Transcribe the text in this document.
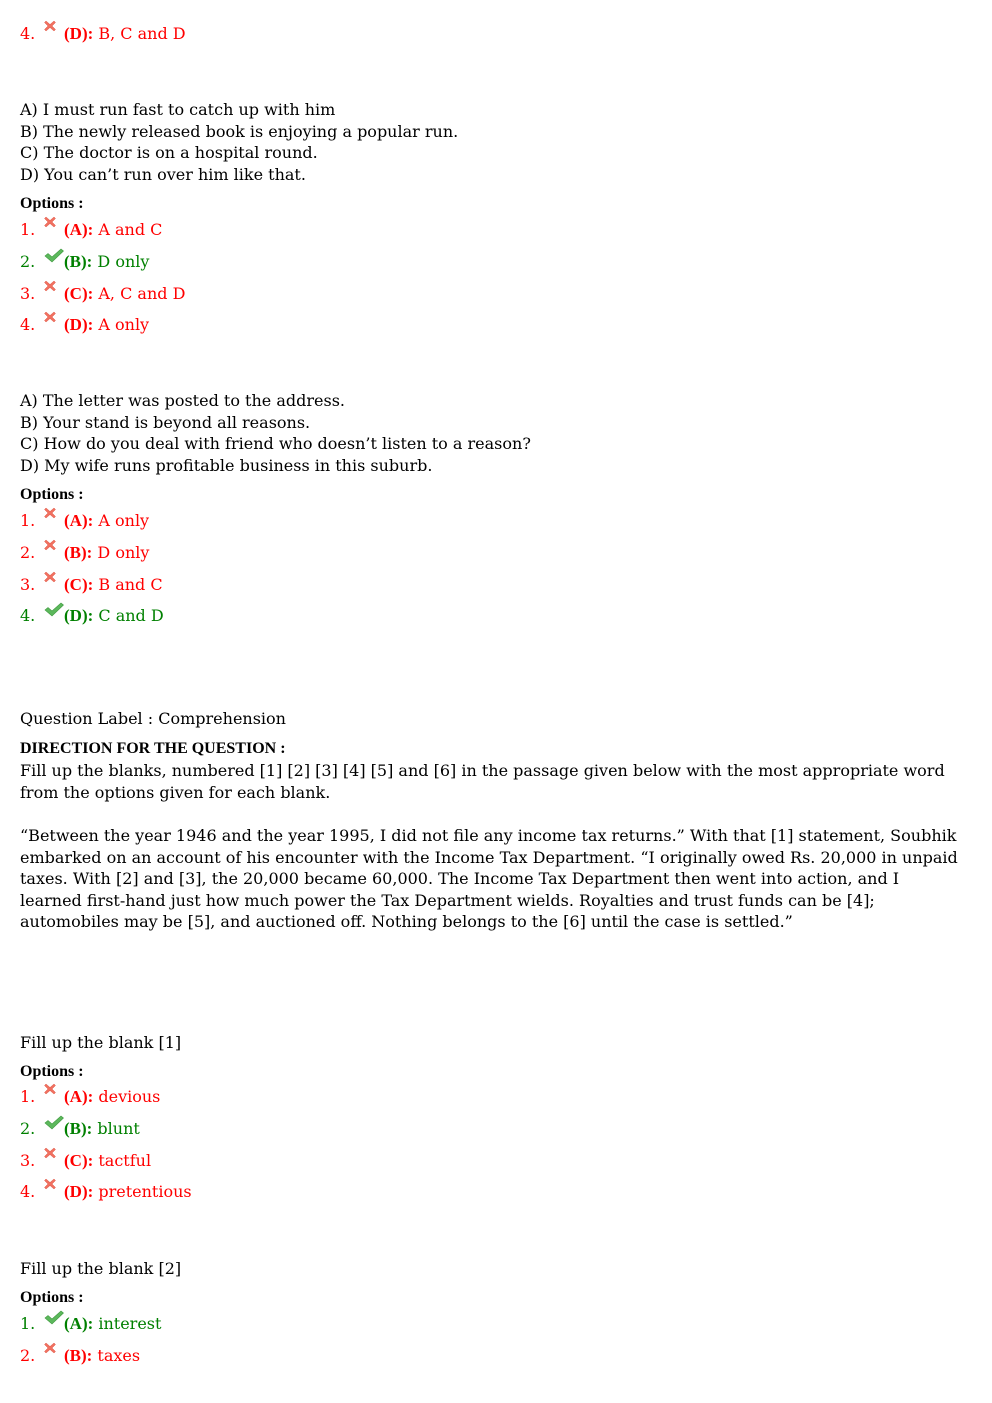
4. (D): B, C and D
A) I must run fast to catch up with him
B) The newly released book is enjoying a popular run.
C) The doctor is on a hospital round.
D) You can’t run over him like that.
Options :
1. (A): A and C
2. (B): D only
3. (C): A, C and D
4. (D): A only
A) The letter was posted to the address.
B) Your stand is beyond all reasons.
C) How do you deal with friend who doesn’t listen to a reason?
D) My wife runs profitable business in this suburb.
Options :
1. (A): A only
2. (B): D only
3. (C): B and C
4. (D): C and D
Question Label : Comprehension
DIRECTION FOR THE QUESTION :
Fill up the blanks, numbered [1] [2] [3] [4] [5] and [6] in the passage given below with the most appropriate word from the options given for each blank.
“Between the year 1946 and the year 1995, I did not file any income tax returns.” With that [1] statement, Soubhik embarked on an account of his encounter with the Income Tax Department. “I originally owed Rs. 20,000 in unpaid taxes. With [2] and [3], the 20,000 became 60,000. The Income Tax Department then went into action, and I learned first-hand just how much power the Tax Department wields. Royalties and trust funds can be [4]; automobiles may be [5], and auctioned off. Nothing belongs to the [6] until the case is settled.”
Fill up the blank [1]
Options :
1. (A): devious
2. (B): blunt
3. (C): tactful
4. (D): pretentious
Fill up the blank [2]
Options :
1. (A): interest
2. (B): taxes
